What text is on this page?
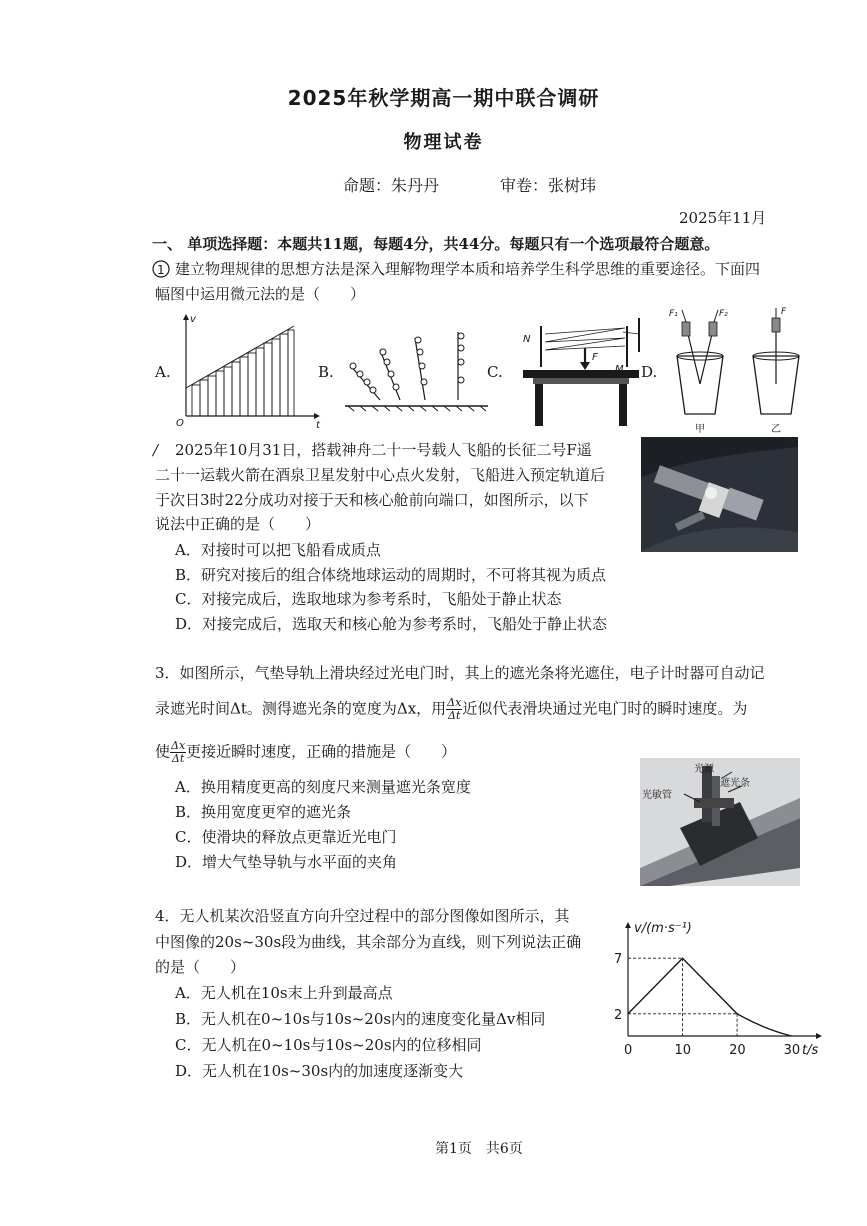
2025年秋学期高一期中联合调研
物理试卷
命题：朱丹丹	审卷：张树玮
2025年11月
一、 单项选择题：本题共11题，每题4分，共44分。每题只有一个选项最符合题意。
1 建立物理规律的思想方法是深入理解物理学本质和培养学生科学思维的重要途径。下面四
幅图中运用微元法的是（　　）
A.	B.	C.	D.
v
t
O
N
M
F
F₁	F₂	F
甲	乙
/ 2025年10月31日，搭载神舟二十一号载人飞船的长征二号F遥
二十一运载火箭在酒泉卫星发射中心点火发射，飞船进入预定轨道后
于次日3时22分成功对接于天和核心舱前向端口，如图所示，以下
说法中正确的是（　　）
A．对接时可以把飞船看成质点
B．研究对接后的组合体绕地球运动的周期时，不可将其视为质点
C．对接完成后，选取地球为参考系时，飞船处于静止状态
D．对接完成后，选取天和核心舱为参考系时，飞船处于静止状态
3．如图所示，气垫导轨上滑块经过光电门时，其上的遮光条将光遮住，电子计时器可自动记
录遮光时间Δt。测得遮光条的宽度为Δx，用 $\frac{\Delta x}{\Delta t}$ 近似代表滑块通过光电门时的瞬时速度。为
使 $\frac{\Delta x}{\Delta t}$ 更接近瞬时速度，正确的措施是（　　）
A．换用精度更高的刻度尺来测量遮光条宽度
B．换用宽度更窄的遮光条
C．使滑块的释放点更靠近光电门
D．增大气垫导轨与水平面的夹角
光源
遮光条
光敏管
4．无人机某次沿竖直方向升空过程中的部分图像如图所示，其
中图像的20s~30s段为曲线，其余部分为直线，则下列说法正确
的是（　　）
A．无人机在10s末上升到最高点
B．无人机在0~10s与10s~20s内的速度变化量Δv相同
C．无人机在0~10s与10s~20s内的位移相同
D．无人机在10s~30s内的加速度逐渐变大
v/(m·s⁻¹)
t/s
0	10	20	30
2
7
第1页　共6页
